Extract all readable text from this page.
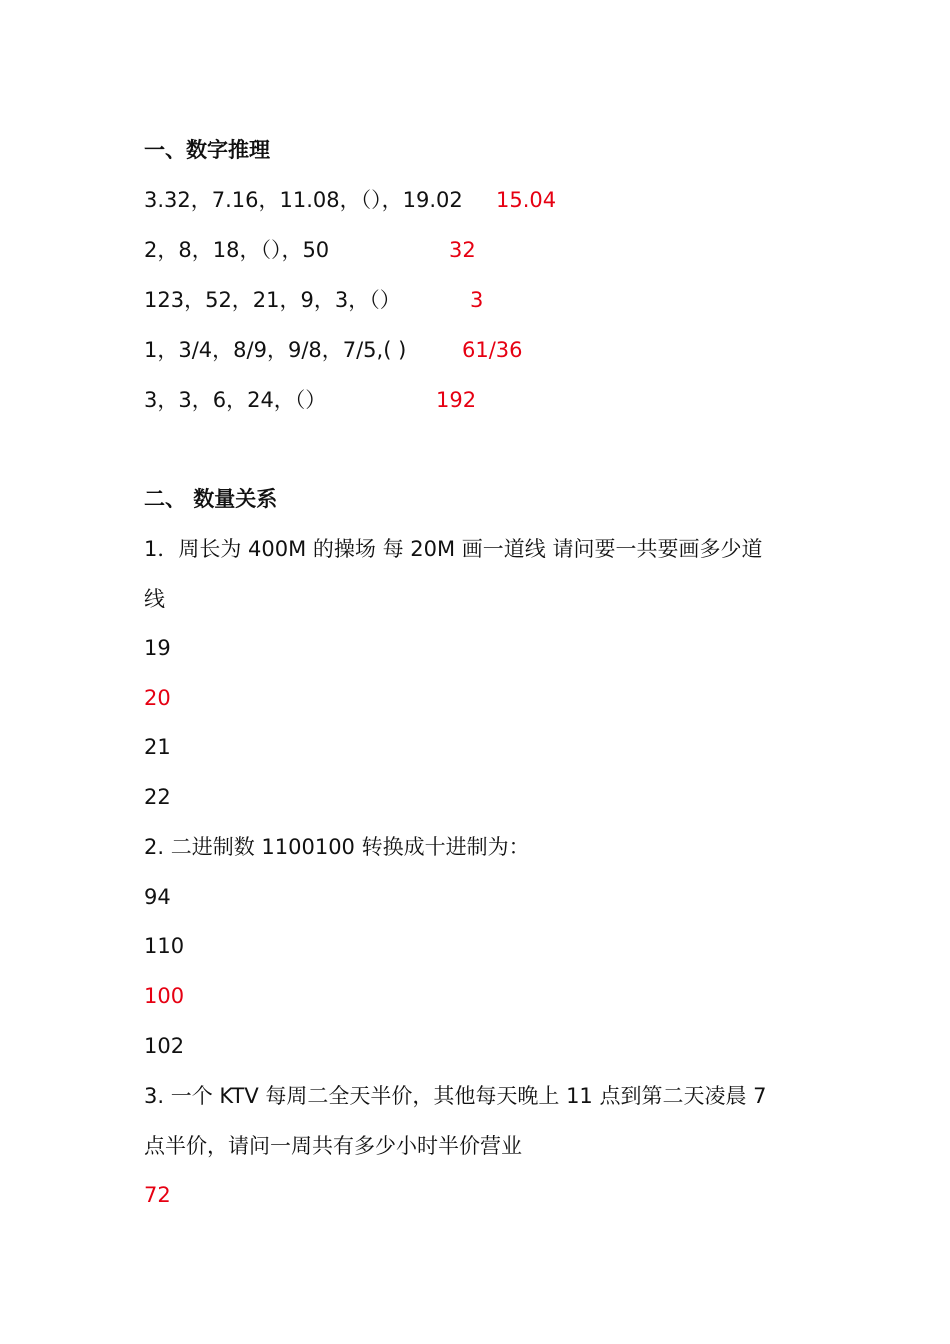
一、数字推理
3.32，7.16，11.08，（），19.02 15.04
2，8，18，（），50	32
123，52，21，9，3，（）	3
1，3/4，8/9，9/8，7/5,( )	61/36
3，3，6，24，（）	192
二、 数量关系
1．周长为 400M 的操场 每 20M 画一道线 请问要一共要画多少道
线
19
20
21
22
2. 二进制数 1100100 转换成十进制为：
94
110
100
102
3. 一个 KTV 每周二全天半价，其他每天晚上 11 点到第二天凌晨 7
点半价，请问一周共有多少小时半价营业
72
